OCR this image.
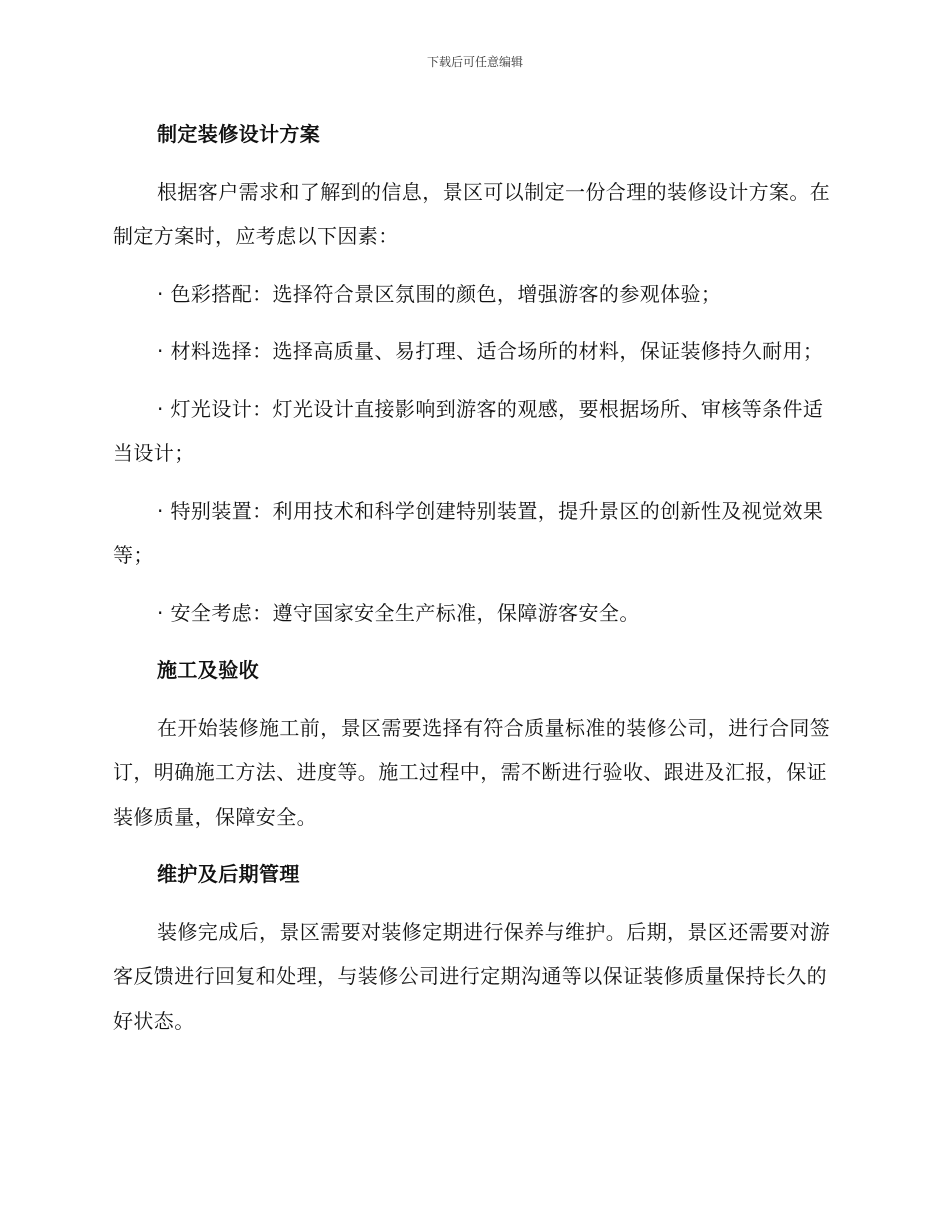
下载后可任意编辑
制定装修设计方案
根据客户需求和了解到的信息，景区可以制定一份合理的装修设计方案。在制定方案时，应考虑以下因素：
· 色彩搭配：选择符合景区氛围的颜色，增强游客的参观体验；
· 材料选择：选择高质量、易打理、适合场所的材料，保证装修持久耐用；
· 灯光设计：灯光设计直接影响到游客的观感，要根据场所、审核等条件适当设计；
· 特别装置：利用技术和科学创建特别装置，提升景区的创新性及视觉效果等；
· 安全考虑：遵守国家安全生产标准，保障游客安全。
施工及验收
在开始装修施工前，景区需要选择有符合质量标准的装修公司，进行合同签订，明确施工方法、进度等。施工过程中，需不断进行验收、跟进及汇报，保证装修质量，保障安全。
维护及后期管理
装修完成后，景区需要对装修定期进行保养与维护。后期，景区还需要对游客反馈进行回复和处理，与装修公司进行定期沟通等以保证装修质量保持长久的好状态。
